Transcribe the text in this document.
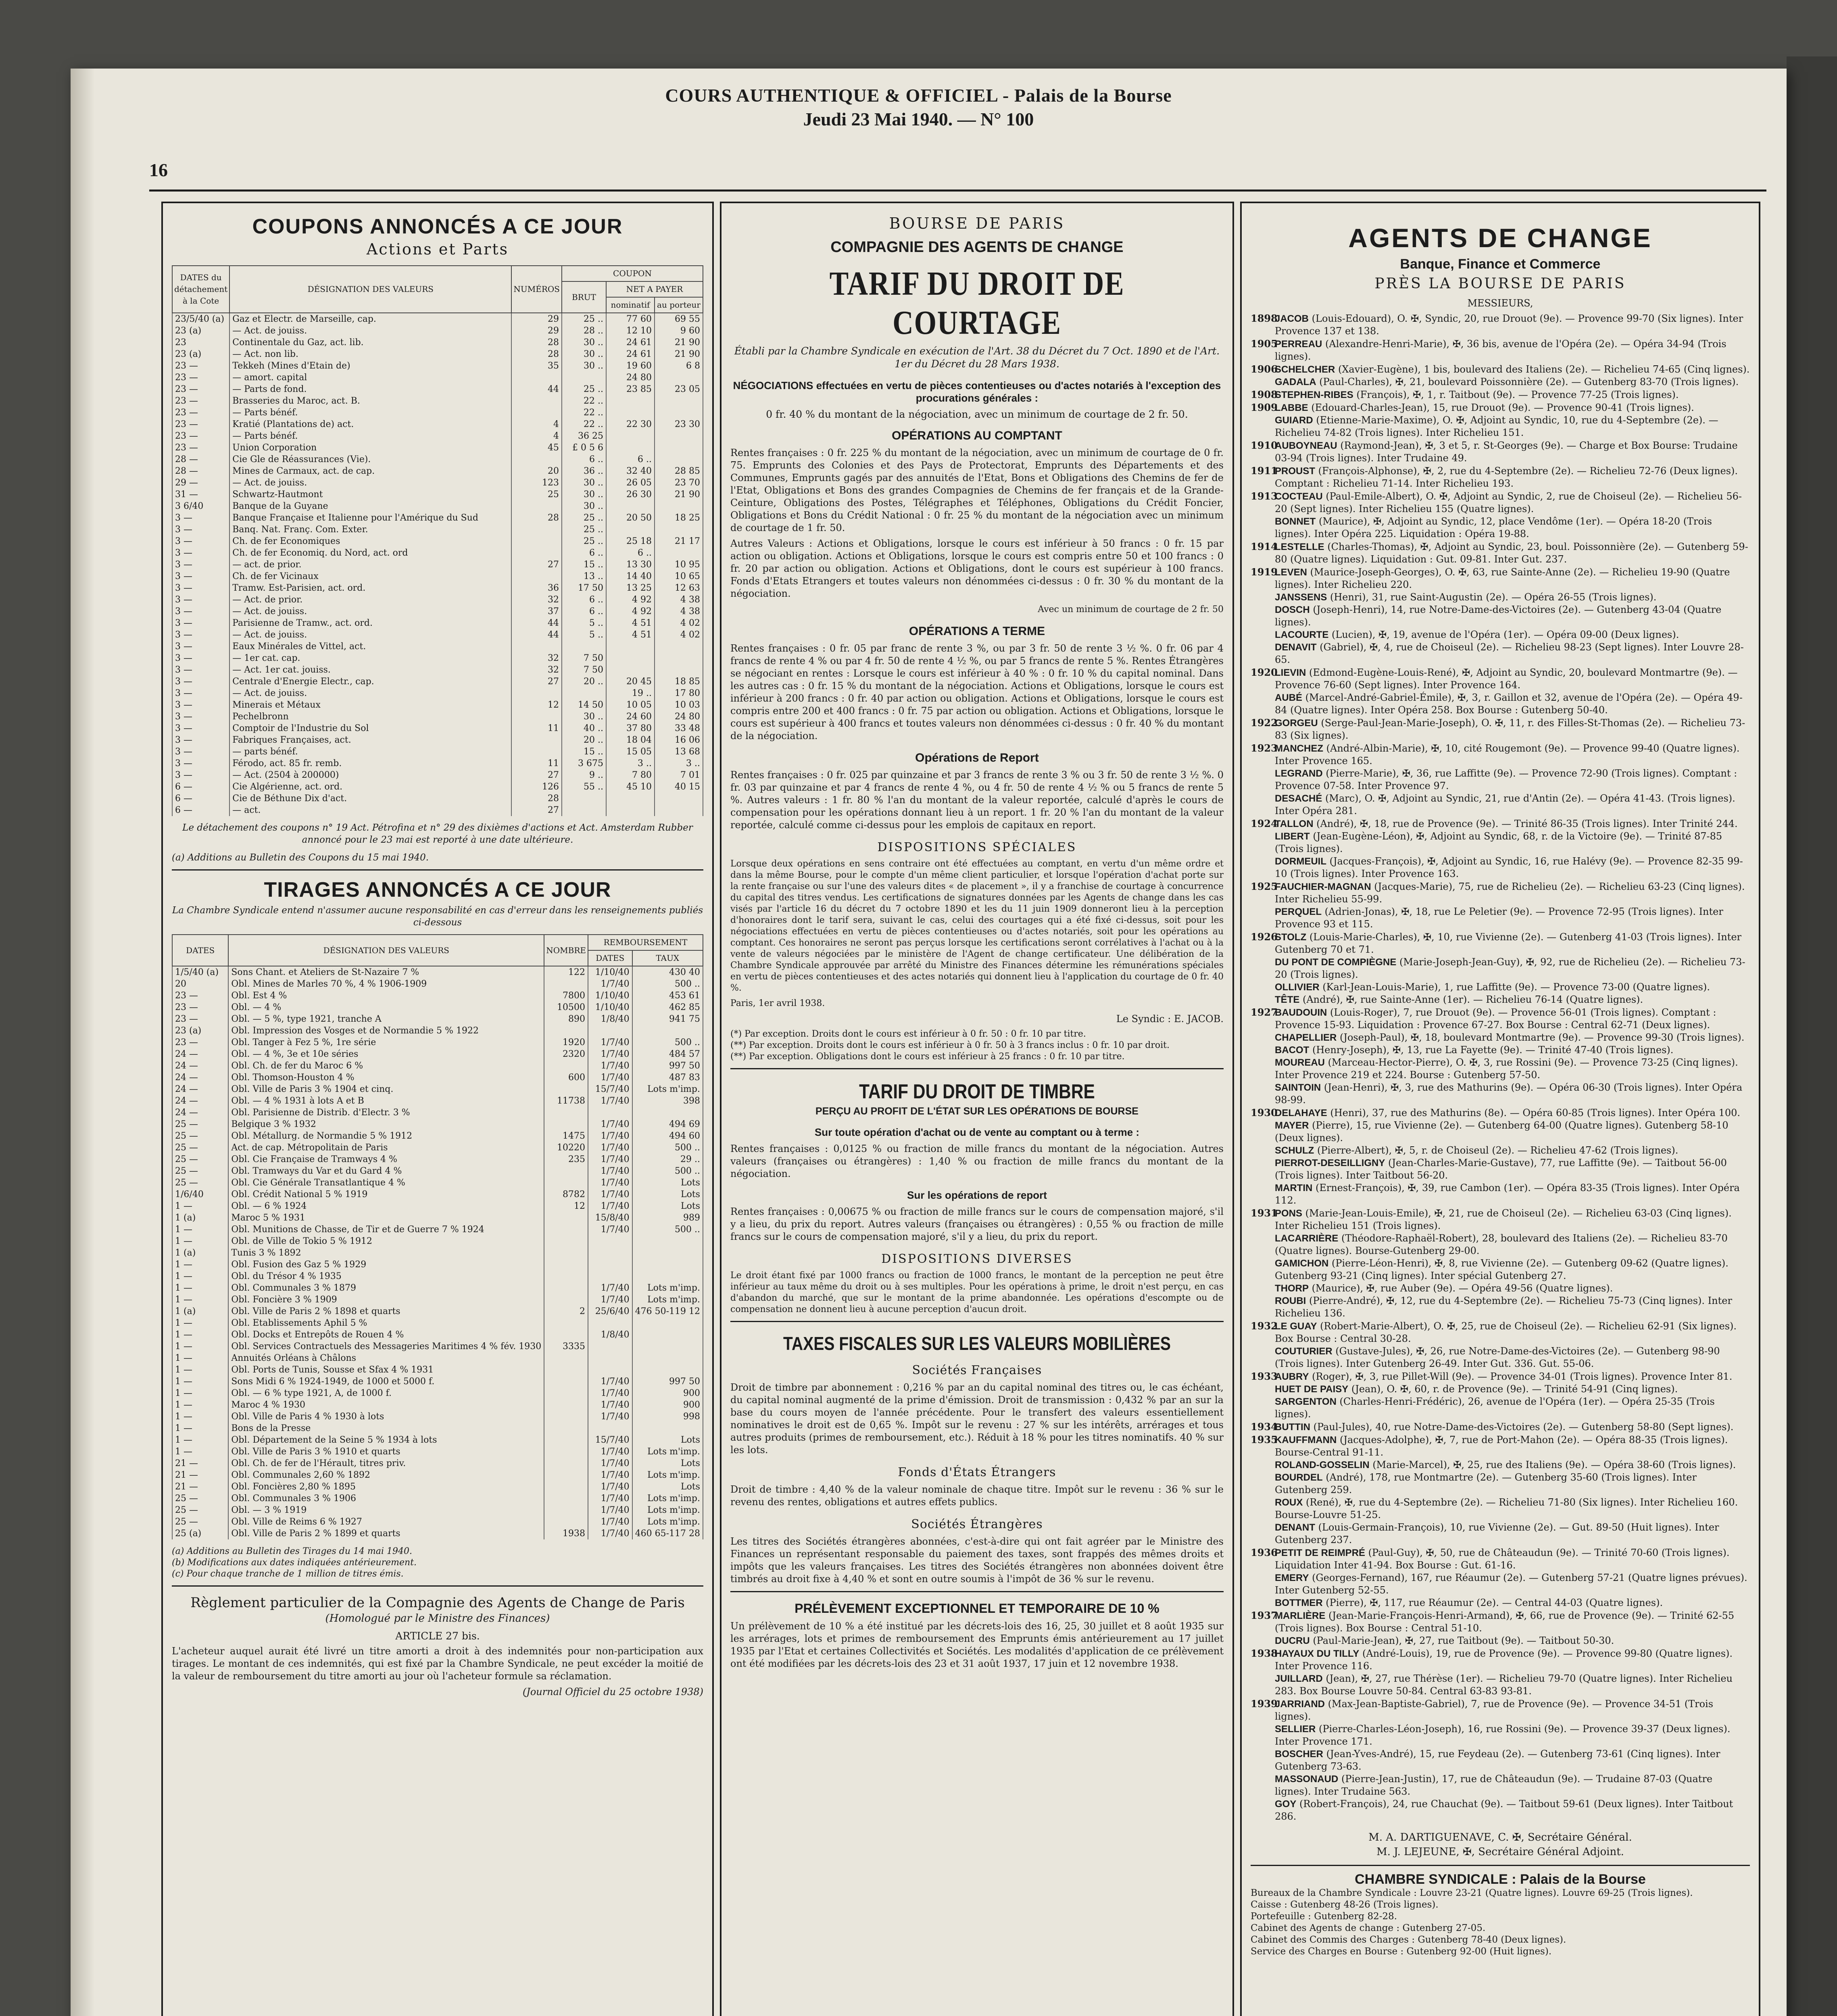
16
COURS AUTHENTIQUE & OFFICIEL - Palais de la Bourse
Jeudi 23 Mai 1940. — N° 100
COUPONS ANNONCÉS A CE JOUR
Actions et Parts
DATES du détachement à la Cote	DÉSIGNATION DES VALEURS	NUMÉROS	COUPON		
			BRUT	NET A PAYER	
				nominatif	au porteur
23/5/40 (a)	Gaz et Electr. de Marseille, cap.	29	25 ..	77 60	69 55
23 (a)	— Act. de jouiss.	29	28 ..	12 10	9 60
23	Continentale du Gaz, act. lib.	28	30 ..	24 61	21 90
23 (a)	— Act. non lib.	28	30 ..	24 61	21 90
23 —	Tekkeh (Mines d'Etain de)	35	30 ..	19 60	6 8
23 —	— amort. capital			24 80	
23 —	— Parts de fond.	44	25 ..	23 85	23 05
23 —	Brasseries du Maroc, act. B.		22 ..		
23 —	— Parts bénéf.		22 ..		
23 —	Kratié (Plantations de) act.	4	22 ..	22 30	23 30
23 —	— Parts bénéf.	4	36 25		
23 —	Union Corporation	45	£ 0 5 6		
28 —	Cie Gle de Réassurances (Vie).		6 ..	6 ..	
28 —	Mines de Carmaux, act. de cap.	20	36 ..	32 40	28 85
29 —	— Act. de jouiss.	123	30 ..	26 05	23 70
31 —	Schwartz-Hautmont	25	30 ..	26 30	21 90
3 6/40	Banque de la Guyane		30 ..		
3 —	Banque Française et Italienne pour l'Amérique du Sud	28	25 ..	20 50	18 25
3 —	Banq. Nat. Franç. Com. Exter.		25 ..		
3 —	Ch. de fer Economiques		25 ..	25 18	21 17
3 —	Ch. de fer Economiq. du Nord, act. ord		6 ..	6 ..	
3 —	— act. de prior.	27	15 ..	13 30	10 95
3 —	Ch. de fer Vicinaux		13 ..	14 40	10 65
3 —	Tramw. Est-Parisien, act. ord.	36	17 50	13 25	12 63
3 —	— Act. de prior.	32	6 ..	4 92	4 38
3 —	— Act. de jouiss.	37	6 ..	4 92	4 38
3 —	Parisienne de Tramw., act. ord.	44	5 ..	4 51	4 02
3 —	— Act. de jouiss.	44	5 ..	4 51	4 02
3 —	Eaux Minérales de Vittel, act.				
3 —	— 1er cat. cap.	32	7 50		
3 —	— Act. 1er cat. jouiss.	32	7 50		
3 —	Centrale d'Energie Electr., cap.	27	20 ..	20 45	18 85
3 —	— Act. de jouiss.			19 ..	17 80
3 —	Minerais et Métaux	12	14 50	10 05	10 03
3 —	Pechelbronn		30 ..	24 60	24 80
3 —	Comptoir de l'Industrie du Sol	11	40 ..	37 80	33 48
3 —	Fabriques Françaises, act.		20 ..	18 04	16 06
3 —	— parts bénéf.		15 ..	15 05	13 68
3 —	Férodo, act. 85 fr. remb.	11	3 675	3 ..	3 ..
3 —	— Act. (2504 à 200000)	27	9 ..	7 80	7 01
6 —	Cie Algérienne, act. ord.	126	55 ..	45 10	40 15
6 —	Cie de Béthune Dix d'act.	28			
6 —	— act.	27			
Le détachement des coupons n° 19 Act. Pétrofina et n° 29 des dixièmes d'actions et Act. Amsterdam Rubber annoncé pour le 23 mai est reporté à une date ultérieure.
(a) Additions au Bulletin des Coupons du 15 mai 1940.
TIRAGES ANNONCÉS A CE JOUR
La Chambre Syndicale entend n'assumer aucune responsabilité en cas d'erreur dans les renseignements publiés ci-dessous
DATES	DÉSIGNATION DES VALEURS	NOMBRE	REMBOURSEMENT	
			DATES	TAUX
1/5/40 (a)	Sons Chant. et Ateliers de St-Nazaire 7 %	122	1/10/40	430 40
20	Obl. Mines de Marles 70 %, 4 % 1906-1909		1/7/40	500 ..
23 —	Obl. Est 4 %	7800	1/10/40	453 61
23 —	Obl. — 4 %	10500	1/10/40	462 85
23 —	Obl. — 5 %, type 1921, tranche A	890	1/8/40	941 75
23 (a)	Obl. Impression des Vosges et de Normandie 5 % 1922			
23 —	Obl. Tanger à Fez 5 %, 1re série	1920	1/7/40	500 ..
24 —	Obl. — 4 %, 3e et 10e séries	2320	1/7/40	484 57
24 —	Obl. Ch. de fer du Maroc 6 %		1/7/40	997 50
24 —	Obl. Thomson-Houston 4 %	600	1/7/40	487 83
24 —	Obl. Ville de Paris 3 % 1904 et cinq.		15/7/40	Lots m'imp.
24 —	Obl. — 4 % 1931 à lots A et B	11738	1/7/40	398
24 —	Obl. Parisienne de Distrib. d'Electr. 3 %			
25 —	Belgique 3 % 1932		1/7/40	494 69
25 —	Obl. Métallurg. de Normandie 5 % 1912	1475	1/7/40	494 60
25 —	Act. de cap. Métropolitain de Paris	10220	1/7/40	500 ..
25 —	Obl. Cie Française de Tramways 4 %	235	1/7/40	29 ..
25 —	Obl. Tramways du Var et du Gard 4 %		1/7/40	500 ..
25 —	Obl. Cie Générale Transatlantique 4 %		1/7/40	Lots
1/6/40	Obl. Crédit National 5 % 1919	8782	1/7/40	Lots
1 —	Obl. — 6 % 1924	12	1/7/40	Lots
1 (a)	Maroc 5 % 1931		15/8/40	989
1 —	Obl. Munitions de Chasse, de Tir et de Guerre 7 % 1924		1/7/40	500 ..
1 —	Obl. de Ville de Tokio 5 % 1912			
1 (a)	Tunis 3 % 1892			
1 —	Obl. Fusion des Gaz 5 % 1929			
1 —	Obl. du Trésor 4 % 1935			
1 —	Obl. Communales 3 % 1879		1/7/40	Lots m'imp.
1 —	Obl. Foncière 3 % 1909		1/7/40	Lots m'imp.
1 (a)	Obl. Ville de Paris 2 % 1898 et quarts	2	25/6/40	476 50-119 12
1 —	Obl. Etablissements Aphil 5 %			
1 —	Obl. Docks et Entrepôts de Rouen 4 %		1/8/40	
1 —	Obl. Services Contractuels des Messageries Maritimes 4 % fév. 1930	3335		
1 —	Annuités Orléans à Châlons			
1 —	Obl. Ports de Tunis, Sousse et Sfax 4 % 1931			
1 —	Sons Midi 6 % 1924-1949, de 1000 et 5000 f.		1/7/40	997 50
1 —	Obl. — 6 % type 1921, A, de 1000 f.		1/7/40	900
1 —	Maroc 4 % 1930		1/7/40	900
1 —	Obl. Ville de Paris 4 % 1930 à lots		1/7/40	998
1 —	Bons de la Presse			
1 —	Obl. Département de la Seine 5 % 1934 à lots		15/7/40	Lots
1 —	Obl. Ville de Paris 3 % 1910 et quarts		1/7/40	Lots m'imp.
21 —	Obl. Ch. de fer de l'Hérault, titres priv.		1/7/40	Lots
21 —	Obl. Communales 2,60 % 1892		1/7/40	Lots m'imp.
21 —	Obl. Foncières 2,80 % 1895		1/7/40	Lots
25 —	Obl. Communales 3 % 1906		1/7/40	Lots m'imp.
25 —	Obl. — 3 % 1919		1/7/40	Lots m'imp.
25 —	Obl. Ville de Reims 6 % 1927		1/7/40	Lots m'imp.
25 (a)	Obl. Ville de Paris 2 % 1899 et quarts	1938	1/7/40	460 65-117 28
(a) Additions au Bulletin des Tirages du 14 mai 1940.
(b) Modifications aux dates indiquées antérieurement.
(c) Pour chaque tranche de 1 million de titres émis.
Règlement particulier de la Compagnie des Agents de Change de Paris
(Homologué par le Ministre des Finances)
ARTICLE 27 bis.
L'acheteur auquel aurait été livré un titre amorti a droit à des indemnités pour non-participation aux tirages. Le montant de ces indemnités, qui est fixé par la Chambre Syndicale, ne peut excéder la moitié de la valeur de remboursement du titre amorti au jour où l'acheteur formule sa réclamation.
(Journal Officiel du 25 octobre 1938)
BOURSE DE PARIS
COMPAGNIE DES AGENTS DE CHANGE
TARIF DU DROIT DE COURTAGE
Établi par la Chambre Syndicale en exécution de l'Art. 38 du Décret du 7 Oct. 1890 et de l'Art. 1er du Décret du 28 Mars 1938.
NÉGOCIATIONS effectuées en vertu de pièces contentieuses ou d'actes notariés à l'exception des procurations générales :
0 fr. 40 % du montant de la négociation, avec un minimum de courtage de 2 fr. 50.
OPÉRATIONS AU COMPTANT
Rentes françaises : 0 fr. 225 % du montant de la négociation, avec un minimum de courtage de 0 fr. 75. Emprunts des Colonies et des Pays de Protectorat, Emprunts des Départements et des Communes, Emprunts gagés par des annuités de l'Etat, Bons et Obligations des Chemins de fer de l'Etat, Obligations et Bons des grandes Compagnies de Chemins de fer français et de la Grande-Ceinture, Obligations des Postes, Télégraphes et Téléphones, Obligations du Crédit Foncier, Obligations et Bons du Crédit National : 0 fr. 25 % du montant de la négociation avec un minimum de courtage de 1 fr. 50.
Autres Valeurs : Actions et Obligations, lorsque le cours est inférieur à 50 francs : 0 fr. 15 par action ou obligation. Actions et Obligations, lorsque le cours est compris entre 50 et 100 francs : 0 fr. 20 par action ou obligation. Actions et Obligations, dont le cours est supérieur à 100 francs. Fonds d'Etats Etrangers et toutes valeurs non dénommées ci-dessus : 0 fr. 30 % du montant de la négociation.
Avec un minimum de courtage de 2 fr. 50
OPÉRATIONS A TERME
Rentes françaises : 0 fr. 05 par franc de rente 3 %, ou par 3 fr. 50 de rente 3 ½ %. 0 fr. 06 par 4 francs de rente 4 % ou par 4 fr. 50 de rente 4 ½ %, ou par 5 francs de rente 5 %. Rentes Étrangères se négociant en rentes : Lorsque le cours est inférieur à 40 % : 0 fr. 10 % du capital nominal. Dans les autres cas : 0 fr. 15 % du montant de la négociation. Actions et Obligations, lorsque le cours est inférieur à 200 francs : 0 fr. 40 par action ou obligation. Actions et Obligations, lorsque le cours est compris entre 200 et 400 francs : 0 fr. 75 par action ou obligation. Actions et Obligations, lorsque le cours est supérieur à 400 francs et toutes valeurs non dénommées ci-dessus : 0 fr. 40 % du montant de la négociation.
Opérations de Report
Rentes françaises : 0 fr. 025 par quinzaine et par 3 francs de rente 3 % ou 3 fr. 50 de rente 3 ½ %. 0 fr. 03 par quinzaine et par 4 francs de rente 4 %, ou 4 fr. 50 de rente 4 ½ % ou 5 francs de rente 5 %. Autres valeurs : 1 fr. 80 % l'an du montant de la valeur reportée, calculé d'après le cours de compensation pour les opérations donnant lieu à un report. 1 fr. 20 % l'an du montant de la valeur reportée, calculé comme ci-dessus pour les emplois de capitaux en report.
DISPOSITIONS SPÉCIALES
Lorsque deux opérations en sens contraire ont été effectuées au comptant, en vertu d'un même ordre et dans la même Bourse, pour le compte d'un même client particulier, et lorsque l'opération d'achat porte sur la rente française ou sur l'une des valeurs dites « de placement », il y a franchise de courtage à concurrence du capital des titres vendus. Les certifications de signatures données par les Agents de change dans les cas visés par l'article 16 du décret du 7 octobre 1890 et les du 11 juin 1909 donneront lieu à la perception d'honoraires dont le tarif sera, suivant le cas, celui des courtages qui a été fixé ci-dessus, soit pour les négociations effectuées en vertu de pièces contentieuses ou d'actes notariés, soit pour les opérations au comptant. Ces honoraires ne seront pas perçus lorsque les certifications seront corrélatives à l'achat ou à la vente de valeurs négociées par le ministère de l'Agent de change certificateur. Une délibération de la Chambre Syndicale approuvée par arrêté du Ministre des Finances détermine les rémunérations spéciales en vertu de pièces contentieuses et des actes notariés qui donnent lieu à l'application du courtage de 0 fr. 40 %.
Paris, 1er avril 1938.
Le Syndic : E. JACOB.
(*) Par exception. Droits dont le cours est inférieur à 0 fr. 50 : 0 fr. 10 par titre.
(**) Par exception. Droits dont le cours est inférieur à 0 fr. 50 à 3 francs inclus : 0 fr. 10 par droit.
(**) Par exception. Obligations dont le cours est inférieur à 25 francs : 0 fr. 10 par titre.
TARIF DU DROIT DE TIMBRE
PERÇU AU PROFIT DE L'ÉTAT SUR LES OPÉRATIONS DE BOURSE
Sur toute opération d'achat ou de vente au comptant ou à terme :
Rentes françaises : 0,0125 % ou fraction de mille francs du montant de la négociation. Autres valeurs (françaises ou étrangères) : 1,40 % ou fraction de mille francs du montant de la négociation.
Sur les opérations de report
Rentes françaises : 0,00675 % ou fraction de mille francs sur le cours de compensation majoré, s'il y a lieu, du prix du report. Autres valeurs (françaises ou étrangères) : 0,55 % ou fraction de mille francs sur le cours de compensation majoré, s'il y a lieu, du prix du report.
DISPOSITIONS DIVERSES
Le droit étant fixé par 1000 francs ou fraction de 1000 francs, le montant de la perception ne peut être inférieur au taux même du droit ou à ses multiples. Pour les opérations à prime, le droit n'est perçu, en cas d'abandon du marché, que sur le montant de la prime abandonnée. Les opérations d'escompte ou de compensation ne donnent lieu à aucune perception d'aucun droit.
TAXES FISCALES SUR LES VALEURS MOBILIÈRES
Sociétés Françaises
Droit de timbre par abonnement : 0,216 % par an du capital nominal des titres ou, le cas échéant, du capital nominal augmenté de la prime d'émission. Droit de transmission : 0,432 % par an sur la base du cours moyen de l'année précédente. Pour le transfert des valeurs essentiellement nominatives le droit est de 0,65 %. Impôt sur le revenu : 27 % sur les intérêts, arrérages et tous autres produits (primes de remboursement, etc.). Réduit à 18 % pour les titres nominatifs. 40 % sur les lots.
Fonds d'États Étrangers
Droit de timbre : 4,40 % de la valeur nominale de chaque titre. Impôt sur le revenu : 36 % sur le revenu des rentes, obligations et autres effets publics.
Sociétés Étrangères
Les titres des Sociétés étrangères abonnées, c'est-à-dire qui ont fait agréer par le Ministre des Finances un représentant responsable du paiement des taxes, sont frappés des mêmes droits et impôts que les valeurs françaises. Les titres des Sociétés étrangères non abonnées doivent être timbrés au droit fixe à 4,40 % et sont en outre soumis à l'impôt de 36 % sur le revenu.
PRÉLÈVEMENT EXCEPTIONNEL ET TEMPORAIRE DE 10 %
Un prélèvement de 10 % a été institué par les décrets-lois des 16, 25, 30 juillet et 8 août 1935 sur les arrérages, lots et primes de remboursement des Emprunts émis antérieurement au 17 juillet 1935 par l'Etat et certaines Collectivités et Sociétés. Les modalités d'application de ce prélèvement ont été modifiées par les décrets-lois des 23 et 31 août 1937, 17 juin et 12 novembre 1938.
AGENTS DE CHANGE
Banque, Finance et Commerce
PRÈS LA BOURSE DE PARIS
MESSIEURS,
1898JACOB (Louis-Edouard), O. ✠, Syndic, 20, rue Drouot (9e). — Provence 99-70 (Six lignes). Inter Provence 137 et 138.
1905PERREAU (Alexandre-Henri-Marie), ✠, 36 bis, avenue de l'Opéra (2e). — Opéra 34-94 (Trois lignes).
1906SCHELCHER (Xavier-Eugène), 1 bis, boulevard des Italiens (2e). — Richelieu 74-65 (Cinq lignes).
GADALA (Paul-Charles), ✠, 21, boulevard Poissonnière (2e). — Gutenberg 83-70 (Trois lignes).
1908STEPHEN-RIBES (François), ✠, 1, r. Taitbout (9e). — Provence 77-25 (Trois lignes).
1909LABBE (Edouard-Charles-Jean), 15, rue Drouot (9e). — Provence 90-41 (Trois lignes).
GUIARD (Etienne-Marie-Maxime), O. ✠, Adjoint au Syndic, 10, rue du 4-Septembre (2e). — Richelieu 74-82 (Trois lignes). Inter Richelieu 151.
1910AUBOYNEAU (Raymond-Jean), ✠, 3 et 5, r. St-Georges (9e). — Charge et Box Bourse: Trudaine 03-94 (Trois lignes). Inter Trudaine 49.
1911PROUST (François-Alphonse), ✠, 2, rue du 4-Septembre (2e). — Richelieu 72-76 (Deux lignes). Comptant : Richelieu 71-14. Inter Richelieu 193.
1913COCTEAU (Paul-Emile-Albert), O. ✠, Adjoint au Syndic, 2, rue de Choiseul (2e). — Richelieu 56-20 (Sept lignes). Inter Richelieu 155 (Quatre lignes).
BONNET (Maurice), ✠, Adjoint au Syndic, 12, place Vendôme (1er). — Opéra 18-20 (Trois lignes). Inter Opéra 225. Liquidation : Opéra 19-88.
1914LESTELLE (Charles-Thomas), ✠, Adjoint au Syndic, 23, boul. Poissonnière (2e). — Gutenberg 59-80 (Quatre lignes). Liquidation : Gut. 09-81. Inter Gut. 237.
1919LEVEN (Maurice-Joseph-Georges), O. ✠, 63, rue Sainte-Anne (2e). — Richelieu 19-90 (Quatre lignes). Inter Richelieu 220.
JANSSENS (Henri), 31, rue Saint-Augustin (2e). — Opéra 26-55 (Trois lignes).
DOSCH (Joseph-Henri), 14, rue Notre-Dame-des-Victoires (2e). — Gutenberg 43-04 (Quatre lignes).
LACOURTE (Lucien), ✠, 19, avenue de l'Opéra (1er). — Opéra 09-00 (Deux lignes).
DENAVIT (Gabriel), ✠, 4, rue de Choiseul (2e). — Richelieu 98-23 (Sept lignes). Inter Louvre 28-65.
1920LIEVIN (Edmond-Eugène-Louis-René), ✠, Adjoint au Syndic, 20, boulevard Montmartre (9e). — Provence 76-60 (Sept lignes). Inter Provence 164.
AUBÉ (Marcel-André-Gabriel-Émile), ✠, 3, r. Gaillon et 32, avenue de l'Opéra (2e). — Opéra 49-84 (Quatre lignes). Inter Opéra 258. Box Bourse : Gutenberg 50-40.
1922GORGEU (Serge-Paul-Jean-Marie-Joseph), O. ✠, 11, r. des Filles-St-Thomas (2e). — Richelieu 73-83 (Six lignes).
1923MANCHEZ (André-Albin-Marie), ✠, 10, cité Rougemont (9e). — Provence 99-40 (Quatre lignes). Inter Provence 165.
LEGRAND (Pierre-Marie), ✠, 36, rue Laffitte (9e). — Provence 72-90 (Trois lignes). Comptant : Provence 07-58. Inter Provence 97.
DESACHÉ (Marc), O. ✠, Adjoint au Syndic, 21, rue d'Antin (2e). — Opéra 41-43. (Trois lignes). Inter Opéra 281.
1924TALLON (André), ✠, 18, rue de Provence (9e). — Trinité 86-35 (Trois lignes). Inter Trinité 244.
LIBERT (Jean-Eugène-Léon), ✠, Adjoint au Syndic, 68, r. de la Victoire (9e). — Trinité 87-85 (Trois lignes).
DORMEUIL (Jacques-François), ✠, Adjoint au Syndic, 16, rue Halévy (9e). — Provence 82-35 99-10 (Trois lignes). Inter Provence 163.
1925FAUCHIER-MAGNAN (Jacques-Marie), 75, rue de Richelieu (2e). — Richelieu 63-23 (Cinq lignes). Inter Richelieu 55-99.
PERQUEL (Adrien-Jonas), ✠, 18, rue Le Peletier (9e). — Provence 72-95 (Trois lignes). Inter Provence 93 et 115.
1926STOLZ (Louis-Marie-Charles), ✠, 10, rue Vivienne (2e). — Gutenberg 41-03 (Trois lignes). Inter Gutenberg 70 et 71.
DU PONT DE COMPIÈGNE (Marie-Joseph-Jean-Guy), ✠, 92, rue de Richelieu (2e). — Richelieu 73-20 (Trois lignes).
OLLIVIER (Karl-Jean-Louis-Marie), 1, rue Laffitte (9e). — Provence 73-00 (Quatre lignes).
TÊTE (André), ✠, rue Sainte-Anne (1er). — Richelieu 76-14 (Quatre lignes).
1927BAUDOUIN (Louis-Roger), 7, rue Drouot (9e). — Provence 56-01 (Trois lignes). Comptant : Provence 15-93. Liquidation : Provence 67-27. Box Bourse : Central 62-71 (Deux lignes).
CHAPELLIER (Joseph-Paul), ✠, 18, boulevard Montmartre (9e). — Provence 99-30 (Trois lignes).
BACOT (Henry-Joseph), ✠, 13, rue La Fayette (9e). — Trinité 47-40 (Trois lignes).
MOUREAU (Marceau-Hector-Pierre), O. ✠, 3, rue Rossini (9e). — Provence 73-25 (Cinq lignes). Inter Provence 219 et 224. Bourse : Gutenberg 57-50.
SAINTOIN (Jean-Henri), ✠, 3, rue des Mathurins (9e). — Opéra 06-30 (Trois lignes). Inter Opéra 98-99.
1930DELAHAYE (Henri), 37, rue des Mathurins (8e). — Opéra 60-85 (Trois lignes). Inter Opéra 100.
MAYER (Pierre), 15, rue Vivienne (2e). — Gutenberg 64-00 (Quatre lignes). Gutenberg 58-10 (Deux lignes).
SCHULZ (Pierre-Albert), ✠, 5, r. de Choiseul (2e). — Richelieu 47-62 (Trois lignes).
PIERROT-DESEILLIGNY (Jean-Charles-Marie-Gustave), 77, rue Laffitte (9e). — Taitbout 56-00 (Trois lignes). Inter Taitbout 56-20.
MARTIN (Ernest-François), ✠, 39, rue Cambon (1er). — Opéra 83-35 (Trois lignes). Inter Opéra 112.
1931PONS (Marie-Jean-Louis-Emile), ✠, 21, rue de Choiseul (2e). — Richelieu 63-03 (Cinq lignes). Inter Richelieu 151 (Trois lignes).
LACARRIÈRE (Théodore-Raphaël-Robert), 28, boulevard des Italiens (2e). — Richelieu 83-70 (Quatre lignes). Bourse-Gutenberg 29-00.
GAMICHON (Pierre-Léon-Henri), ✠, 8, rue Vivienne (2e). — Gutenberg 09-62 (Quatre lignes). Gutenberg 93-21 (Cinq lignes). Inter spécial Gutenberg 27.
THORP (Maurice), ✠, rue Auber (9e). — Opéra 49-56 (Quatre lignes).
ROUBI (Pierre-André), ✠, 12, rue du 4-Septembre (2e). — Richelieu 75-73 (Cinq lignes). Inter Richelieu 136.
1932LE GUAY (Robert-Marie-Albert), O. ✠, 25, rue de Choiseul (2e). — Richelieu 62-91 (Six lignes). Box Bourse : Central 30-28.
COUTURIER (Gustave-Jules), ✠, 26, rue Notre-Dame-des-Victoires (2e). — Gutenberg 98-90 (Trois lignes). Inter Gutenberg 26-49. Inter Gut. 336. Gut. 55-06.
1933AUBRY (Roger), ✠, 3, rue Pillet-Will (9e). — Provence 34-01 (Trois lignes). Provence Inter 81.
HUET DE PAISY (Jean), O. ✠, 60, r. de Provence (9e). — Trinité 54-91 (Cinq lignes).
SARGENTON (Charles-Henri-Frédéric), 26, avenue de l'Opéra (1er). — Opéra 25-35 (Trois lignes).
1934BUTTIN (Paul-Jules), 40, rue Notre-Dame-des-Victoires (2e). — Gutenberg 58-80 (Sept lignes).
1935KAUFFMANN (Jacques-Adolphe), ✠, 7, rue de Port-Mahon (2e). — Opéra 88-35 (Trois lignes). Bourse-Central 91-11.
ROLAND-GOSSELIN (Marie-Marcel), ✠, 25, rue des Italiens (9e). — Opéra 38-60 (Trois lignes).
BOURDEL (André), 178, rue Montmartre (2e). — Gutenberg 35-60 (Trois lignes). Inter Gutenberg 259.
ROUX (René), ✠, rue du 4-Septembre (2e). — Richelieu 71-80 (Six lignes). Inter Richelieu 160. Bourse-Louvre 51-25.
DENANT (Louis-Germain-François), 10, rue Vivienne (2e). — Gut. 89-50 (Huit lignes). Inter Gutenberg 237.
1936PETIT DE REIMPRÉ (Paul-Guy), ✠, 50, rue de Châteaudun (9e). — Trinité 70-60 (Trois lignes). Liquidation Inter 41-94. Box Bourse : Gut. 61-16.
EMERY (Georges-Fernand), 167, rue Réaumur (2e). — Gutenberg 57-21 (Quatre lignes prévues). Inter Gutenberg 52-55.
BOTTMER (Pierre), ✠, 117, rue Réaumur (2e). — Central 44-03 (Quatre lignes).
1937MARLIÈRE (Jean-Marie-François-Henri-Armand), ✠, 66, rue de Provence (9e). — Trinité 62-55 (Trois lignes). Box Bourse : Central 51-10.
DUCRU (Paul-Marie-Jean), ✠, 27, rue Taitbout (9e). — Taitbout 50-30.
1938HAYAUX DU TILLY (André-Louis), 19, rue de Provence (9e). — Provence 99-80 (Quatre lignes). Inter Provence 116.
JUILLARD (Jean), ✠, 27, rue Thérèse (1er). — Richelieu 79-70 (Quatre lignes). Inter Richelieu 283. Box Bourse Louvre 50-84. Central 63-83 93-81.
1939JARRIAND (Max-Jean-Baptiste-Gabriel), 7, rue de Provence (9e). — Provence 34-51 (Trois lignes).
SELLIER (Pierre-Charles-Léon-Joseph), 16, rue Rossini (9e). — Provence 39-37 (Deux lignes). Inter Provence 171.
BOSCHER (Jean-Yves-André), 15, rue Feydeau (2e). — Gutenberg 73-61 (Cinq lignes). Inter Gutenberg 73-63.
MASSONAUD (Pierre-Jean-Justin), 17, rue de Châteaudun (9e). — Trudaine 87-03 (Quatre lignes). Inter Trudaine 563.
GOY (Robert-François), 24, rue Chauchat (9e). — Taitbout 59-61 (Deux lignes). Inter Taitbout 286.
M. A. DARTIGUENAVE, C. ✠, Secrétaire Général.
M. J. LEJEUNE, ✠, Secrétaire Général Adjoint.
CHAMBRE SYNDICALE : Palais de la Bourse
Bureaux de la Chambre Syndicale : Louvre 23-21 (Quatre lignes). Louvre 69-25 (Trois lignes).
Caisse : Gutenberg 48-26 (Trois lignes).
Portefeuille : Gutenberg 82-28.
Cabinet des Agents de change : Gutenberg 27-05.
Cabinet des Commis des Charges : Gutenberg 78-40 (Deux lignes).
Service des Charges en Bourse : Gutenberg 92-00 (Huit lignes).
